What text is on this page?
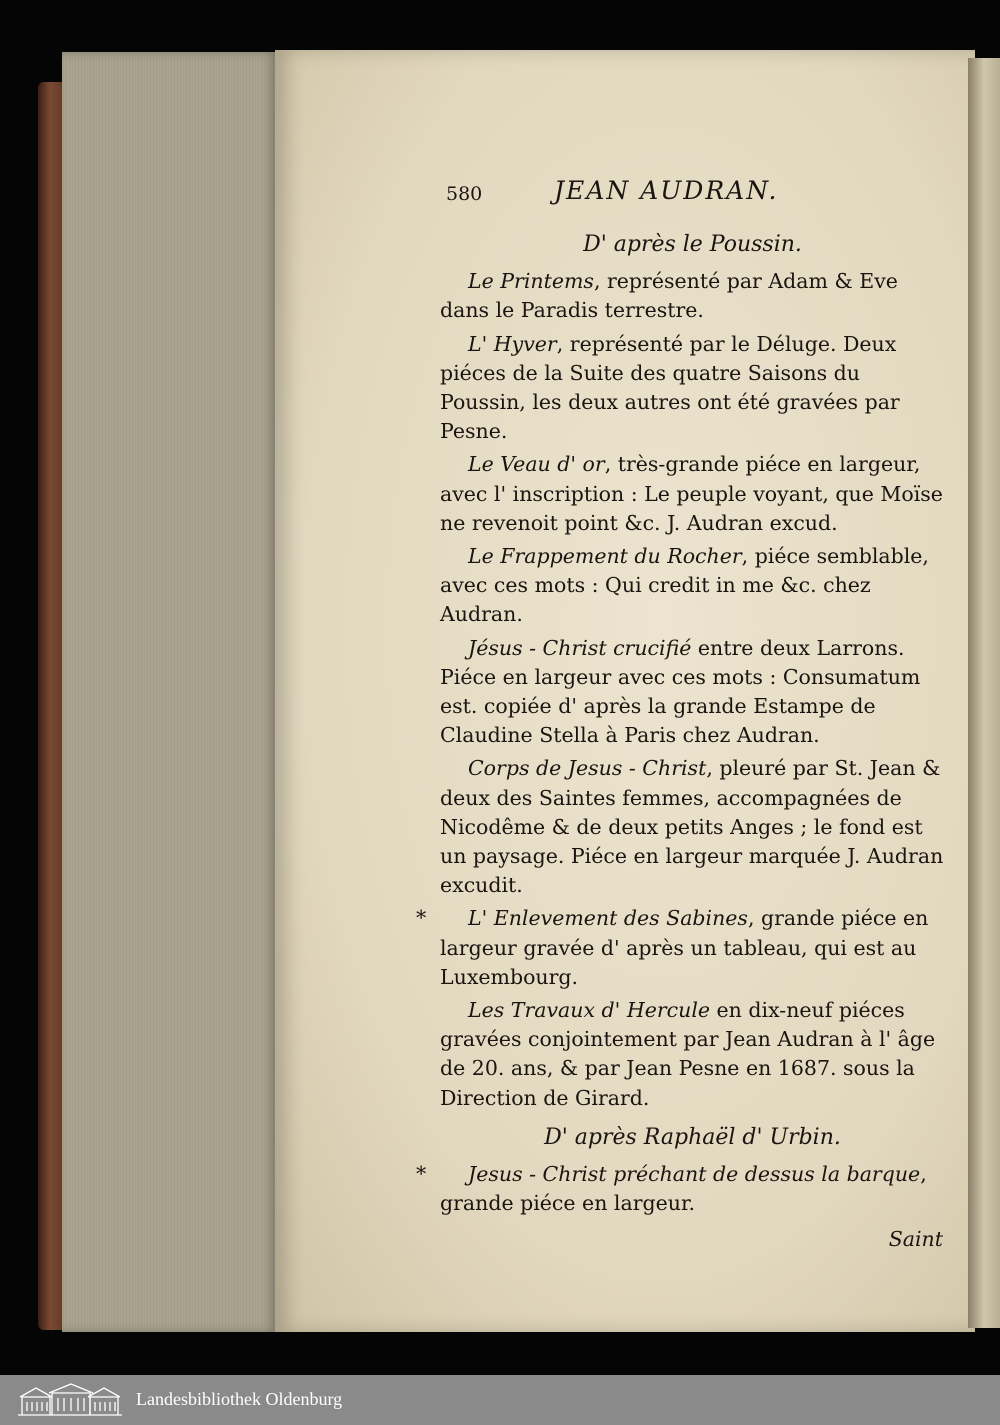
580	JEAN AUDRAN.
D' après le Poussin.

Le Printems, représenté par Adam & Eve dans le Paradis terrestre.

L' Hyver, représenté par le Déluge. Deux piéces de la Suite des quatre Saisons du Poussin, les deux autres ont été gravées par Pesne.

Le Veau d' or, très-grande piéce en largeur, avec l' inscription : Le peuple voyant, que Moïse ne revenoit point &c. J. Audran excud.

Le Frappement du Rocher, piéce semblable, avec ces mots : Qui credit in me &c. chez Audran.

Jésus - Christ crucifié entre deux Larrons. Piéce en largeur avec ces mots : Consumatum est. copiée d' après la grande Estampe de Claudine Stella à Paris chez Audran.

Corps de Jesus - Christ, pleuré par St. Jean & deux des Saintes femmes, accompagnées de Nicodême & de deux petits Anges ; le fond est un paysage. Piéce en largeur marquée J. Audran excudit.

* L' Enlevement des Sabines, grande piéce en largeur gravée d' après un tableau, qui est au Luxembourg.

Les Travaux d' Hercule en dix-neuf piéces gravées conjointement par Jean Audran à l' âge de 20. ans, & par Jean Pesne en 1687. sous la Direction de Girard.

D' après Raphaël d' Urbin.

* Jesus - Christ préchant de dessus la barque, grande piéce en largeur.

Saint
Landesbibliothek Oldenburg
